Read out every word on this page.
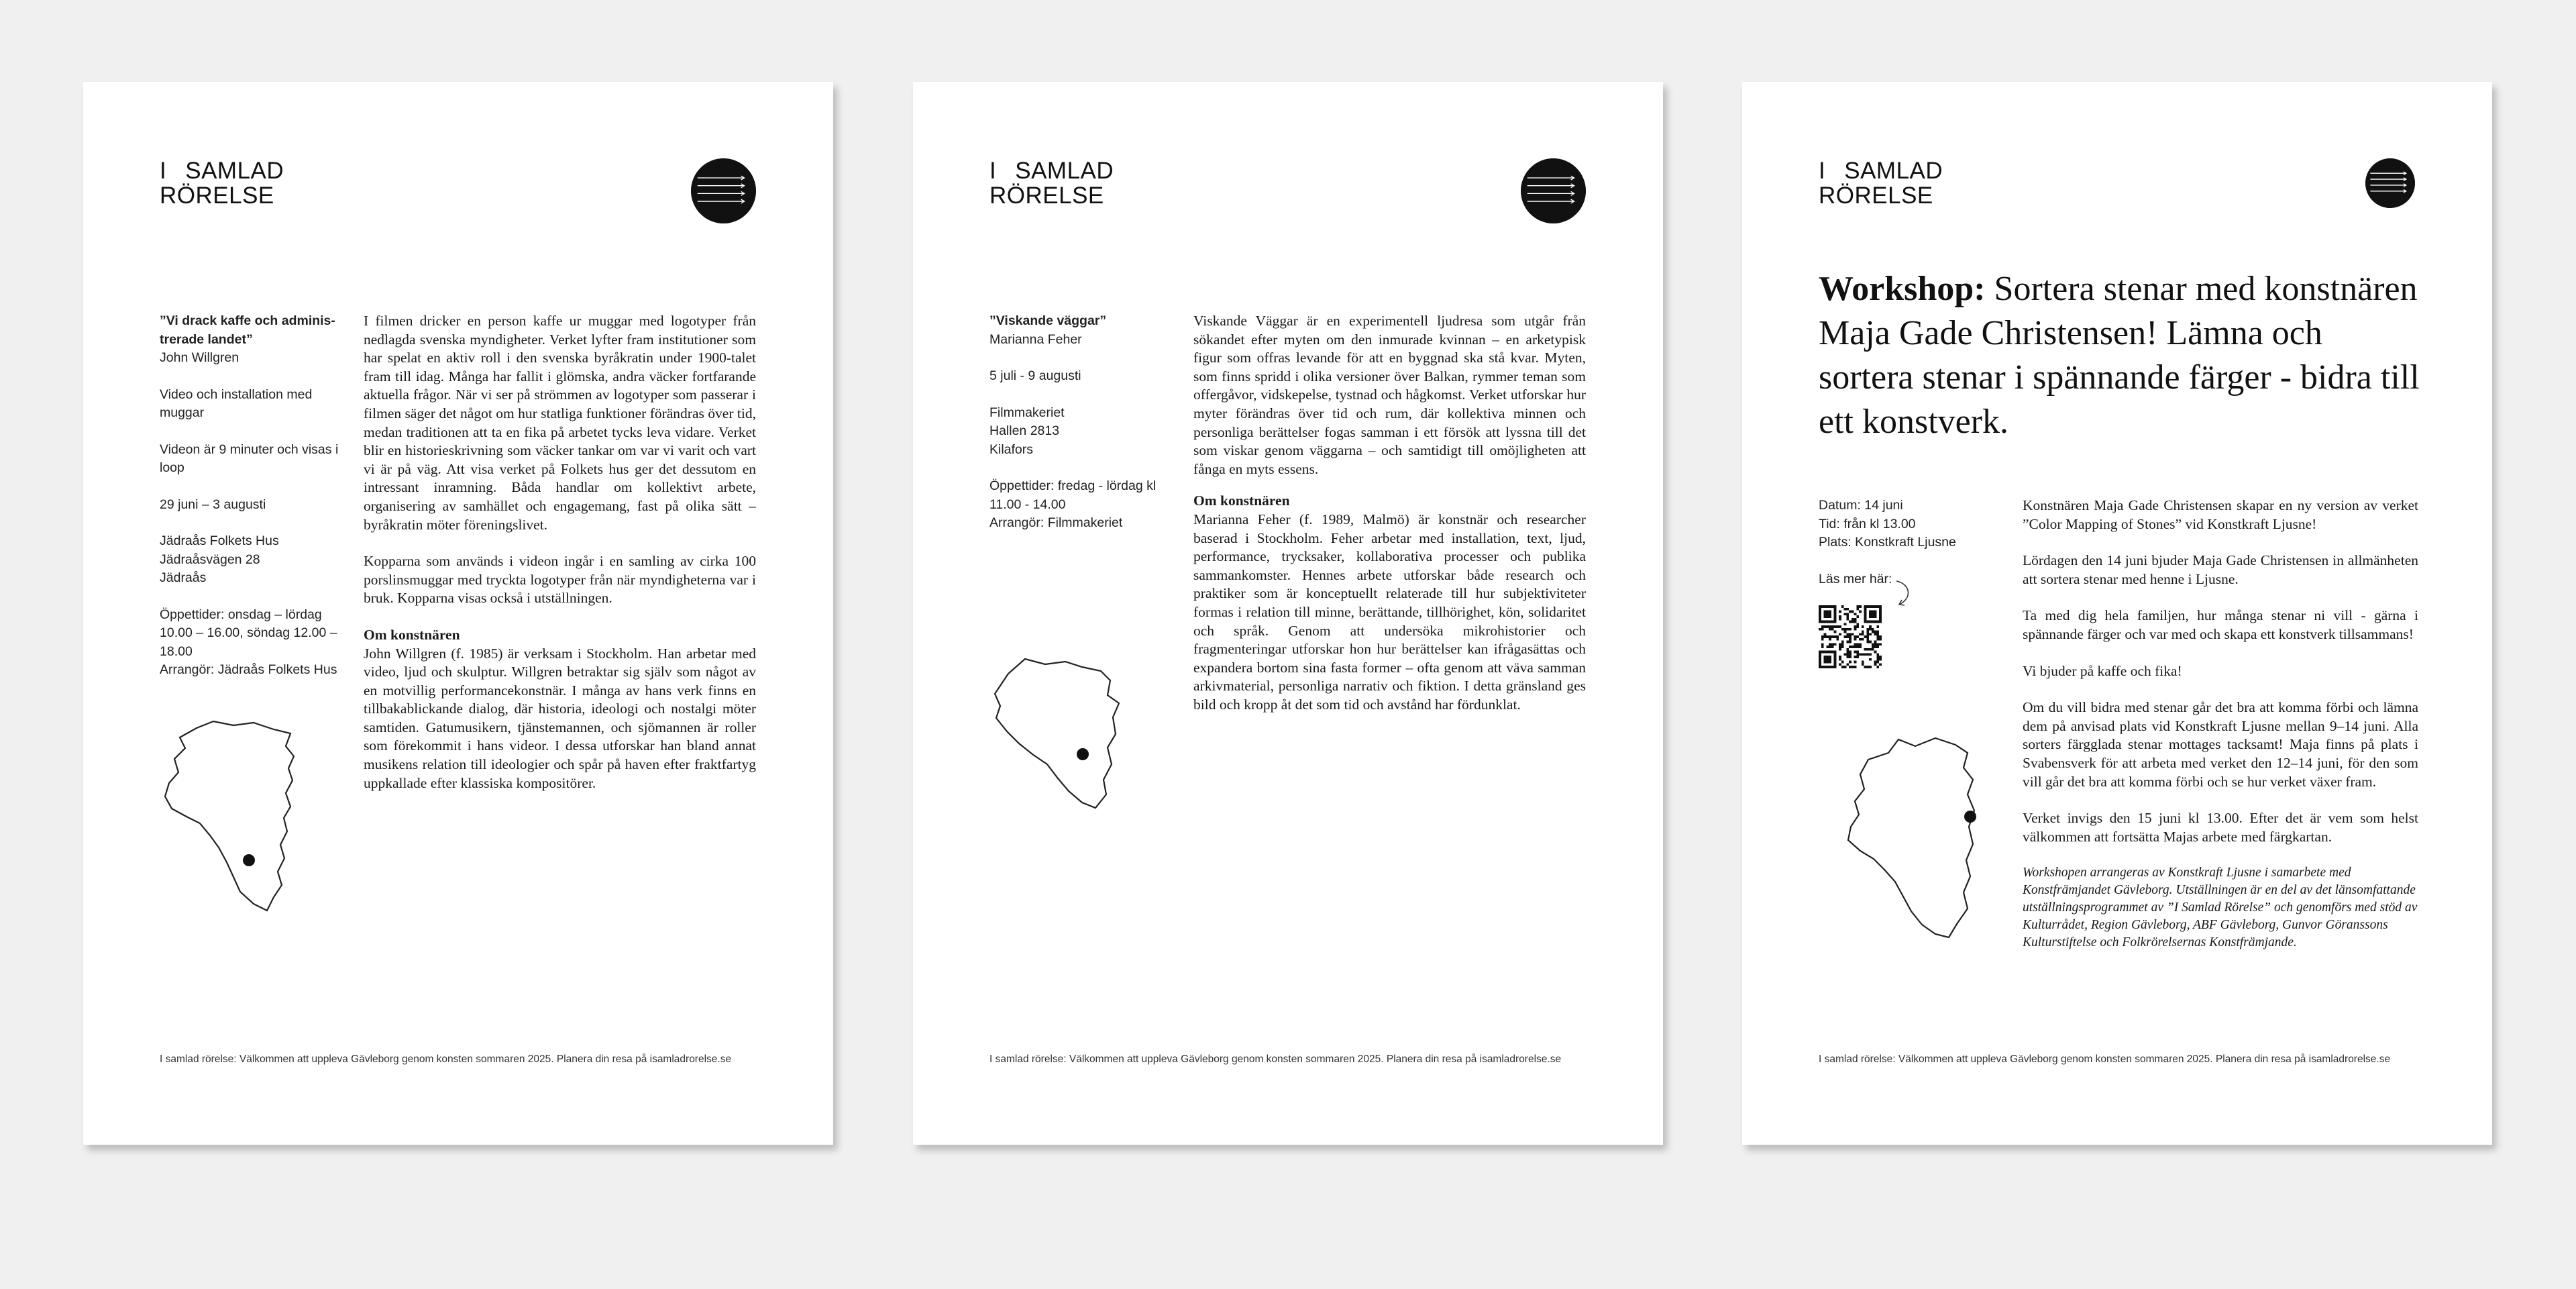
I SAMLAD
RÖRELSE

”Vi drack kaffe och adminis-trerade landet”

John Willgren

Video och installation med muggar

Videon är 9 minuter och visas i loop

29 juni – 3 augusti

Jädraås Folkets Hus

Jädraåsvägen 28

Jädraås

Öppettider: onsdag – lördag 10.00 – 16.00, söndag 12.00 – 18.00

Arrangör: Jädraås Folkets Hus

I filmen dricker en person kaffe ur muggar med logotyper från nedlagda svenska myndigheter. Verket lyfter fram institutioner som har spelat en aktiv roll i den svenska byråkratin under 1900-talet fram till idag. Många har fallit i glömska, andra väcker fortfarande aktuella frågor. När vi ser på strömmen av logotyper som passerar i filmen säger det något om hur statliga funktioner förändras över tid, medan traditionen att ta en fika på arbetet tycks leva vidare. Verket blir en historieskrivning som väcker tankar om var vi varit och vart vi är på väg. Att visa verket på Folkets hus ger det dessutom en intressant inramning. Båda handlar om kollektivt arbete, organisering av samhället och engagemang, fast på olika sätt – byråkratin möter föreningslivet.

Kopparna som används i videon ingår i en samling av cirka 100 porslinsmuggar med tryckta logotyper från när myndigheterna var i bruk. Kopparna visas också i utställningen.

Om konstnären

John Willgren (f. 1985) är verksam i Stockholm. Han arbetar med video, ljud och skulptur. Willgren betraktar sig själv som något av en motvillig performancekonstnär. I många av hans verk finns en tillbakablickande dialog, där historia, ideologi och nostalgi möter samtiden. Gatumusikern, tjänstemannen, och sjömannen är roller som förekommit i hans videor. I dessa utforskar han bland annat musikens relation till ideologier och spår på haven efter fraktfartyg uppkallade efter klassiska kompositörer.

I samlad rörelse: Välkommen att uppleva Gävleborg genom konsten sommaren 2025. Planera din resa på isamladrorelse.se
I SAMLAD
RÖRELSE

”Viskande väggar”

Marianna Feher

5 juli - 9 augusti

Filmmakeriet

Hallen 2813

Kilafors

Öppettider: fredag - lördag kl 11.00 - 14.00

Arrangör: Filmmakeriet

Viskande Väggar är en experimentell ljudresa som utgår från sökandet efter myten om den inmurade kvinnan – en arketypisk figur som offras levande för att en byggnad ska stå kvar. Myten, som finns spridd i olika versioner över Balkan, rymmer teman som offergåvor, vidskepelse, tystnad och hågkomst. Verket utforskar hur myter förändras över tid och rum, där kollektiva minnen och personliga berättelser fogas samman i ett försök att lyssna till det som viskar genom väggarna – och samtidigt till omöjligheten att fånga en myts essens.

Om konstnären

Marianna Feher (f. 1989, Malmö) är konstnär och researcher baserad i Stockholm. Feher arbetar med installation, text, ljud, performance, trycksaker, kollaborativa processer och publika sammankomster. Hennes arbete utforskar både research och praktiker som är konceptuellt relaterade till hur subjektiviteter formas i relation till minne, berättande, tillhörighet, kön, solidaritet och språk. Genom att undersöka mikrohistorier och fragmenteringar utforskar hon hur berättelser kan ifrågasättas och expandera bortom sina fasta former – ofta genom att väva samman arkivmaterial, personliga narrativ och fiktion. I detta gränsland ges bild och kropp åt det som tid och avstånd har fördunklat.

I samlad rörelse: Välkommen att uppleva Gävleborg genom konsten sommaren 2025. Planera din resa på isamladrorelse.se
I SAMLAD
RÖRELSE
Workshop: Sortera stenar med konstnären Maja Gade Christensen! Lämna och sortera stenar i spännande färger - bidra till ett konstverk.

Datum: 14 juni

Tid: från kl 13.00

Plats: Konstkraft Ljusne

Läs mer här:

Konstnären Maja Gade Christensen skapar en ny version av verket ”Color Mapping of Stones” vid Konstkraft Ljusne!

Lördagen den 14 juni bjuder Maja Gade Christensen in allmänheten att sortera stenar med henne i Ljusne.

Ta med dig hela familjen, hur många stenar ni vill - gärna i spännande färger och var med och skapa ett konstverk tillsammans!

Vi bjuder på kaffe och fika!

Om du vill bidra med stenar går det bra att komma förbi och lämna dem på anvisad plats vid Konstkraft Ljusne mellan 9–14 juni. Alla sorters färgglada stenar mottages tacksamt! Maja finns på plats i Svabensverk för att arbeta med verket den 12–14 juni, för den som vill går det bra att komma förbi och se hur verket växer fram.

Verket invigs den 15 juni kl 13.00. Efter det är vem som helst välkommen att fortsätta Majas arbete med färgkartan.

Workshopen arrangeras av Konstkraft Ljusne i samarbete med Konstfrämjandet Gävleborg. Utställningen är en del av det länsomfattande utställningsprogrammet av ”I Samlad Rörelse” och genomförs med stöd av Kulturrådet, Region Gävleborg, ABF Gävleborg, Gunvor Göranssons Kulturstiftelse och Folkrörelsernas Konstfrämjande.

I samlad rörelse: Välkommen att uppleva Gävleborg genom konsten sommaren 2025. Planera din resa på isamladrorelse.se
